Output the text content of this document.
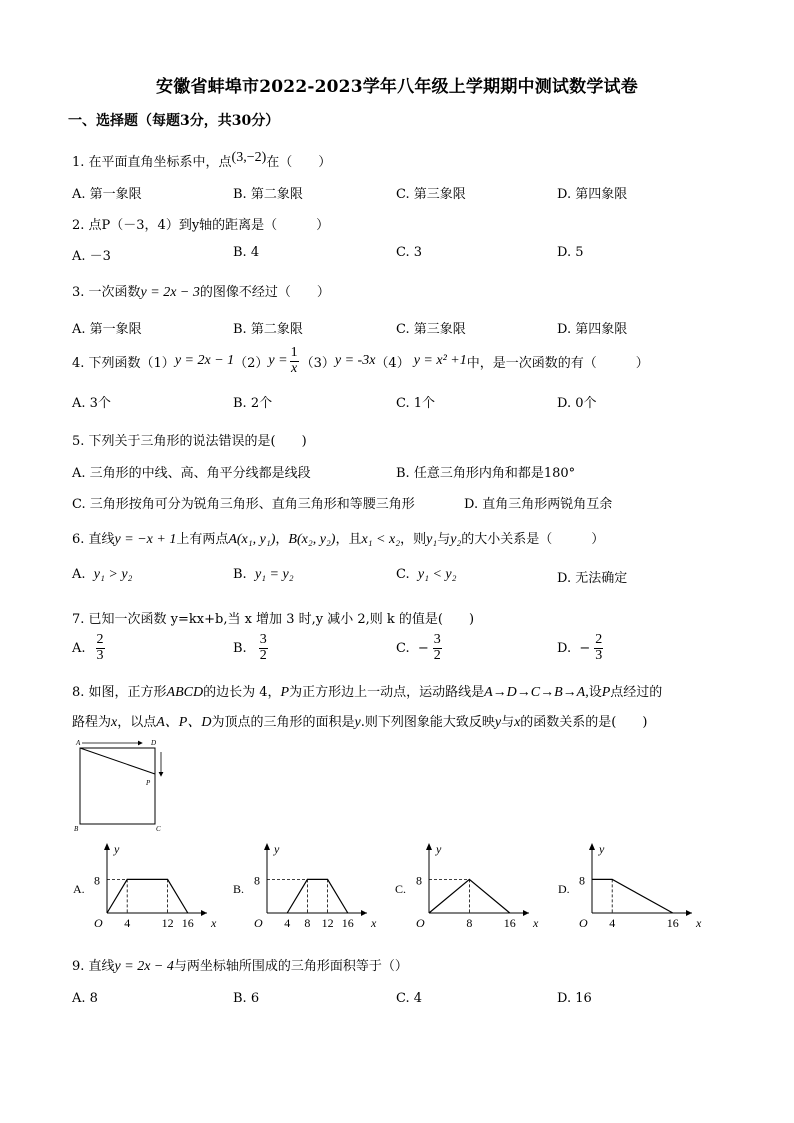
安徽省蚌埠市2022-2023学年八年级上学期期中测试数学试卷
一、选择题（每题3分，共30分）
1. 在平面直角坐标系中，点(3,−2)在（　　）
A. 第一象限	B. 第二象限	C. 第三象限	D. 第四象限
2. 点P（－3，4）到y轴的距离是（　　　）
A. －3	B. 4	C. 3	D. 5
3. 一次函数y = 2x − 3的图像不经过（　　）
A. 第一象限	B. 第二象限	C. 第三象限	D. 第四象限
4. 下列函数（1） y = 2x − 1 （2） $y = \frac{1}{x} (3) y = -3x$ （4） y = x² +1 中，是一次函数的有（　　　）
A. 3个	B. 2个	C. 1个	D. 0个
5. 下列关于三角形的说法错误的是(　　)
A. 三角形的中线、高、角平分线都是线段	B. 任意三角形内角和都是180°
C. 三角形按角可分为锐角三角形、直角三角形和等腰三角形	D. 直角三角形两锐角互余
6. 直线y = −x + 1上有两点A(x₁, y₁)，B(x₂, y₂)，且x₁ < x₂，则y₁与y₂的大小关系是（　　　）
A. y₁ > y₂	B. y₁ = y₂	C. y₁ < y₂	D. 无法确定
7. 已知一次函数 y=kx+b,当 x 增加 3 时,y 减小 2,则 k 的值是(　　)
A. $\frac{2}{3}$	B. $\frac{3}{2}$	C.  − $\frac{3}{2}$	D.  − $\frac{2}{3}$
8. 如图，正方形ABCD的边长为 4，P为正方形边上一动点，运动路线是A→D→C→B→A,设P点经过的
路程为x，以点A、P、D为顶点的三角形的面积是y.则下列图象能大致反映y与x的函数关系的是(　　)
A	D
P
B	C
A.
y
x
O
8
4	12 16
B.
y
x
O
8
4 8 12 16
C.
y
x
O
8
8	16
D.
y
x
O
8
4	16
9. 直线y = 2x − 4与两坐标轴所围成的三角形面积等于（）
A. 8	B. 6	C. 4	D. 16
